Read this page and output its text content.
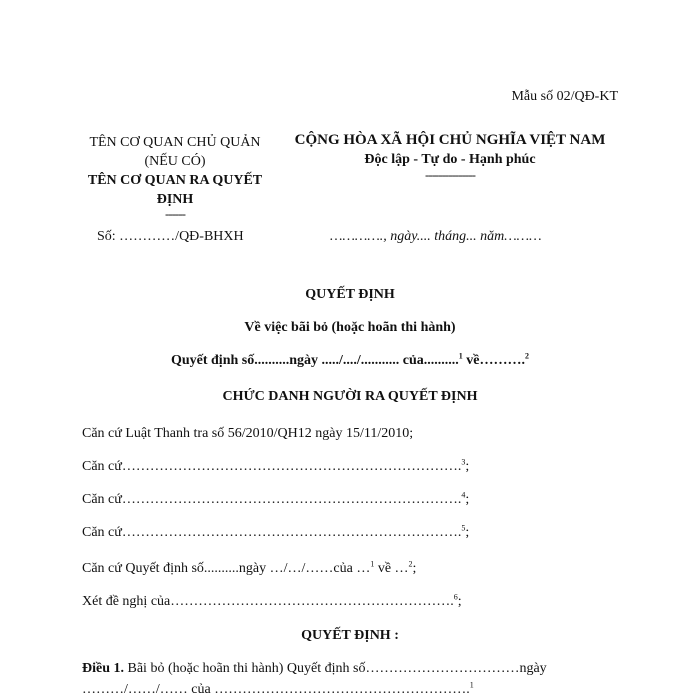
Mẫu số 02/QĐ-KT
TÊN CƠ QUAN CHỦ QUẢN
(NẾU CÓ)
TÊN CƠ QUAN RA QUYẾT
ĐỊNH
------
Số: …………/QĐ-BHXH
CỘNG HÒA XÃ HỘI CHỦ NGHĨA VIỆT NAM
Độc lập - Tự do - Hạnh phúc
---------------
…………., ngày.... tháng... năm………
QUYẾT ĐỊNH
Về việc bãi bỏ (hoặc hoãn thi hành)
Quyết định số..........ngày ...../..../........... của..........$^1$ về……….$^2$
CHỨC DANH NGƯỜI RA QUYẾT ĐỊNH
Căn cứ Luật Thanh tra số 56/2010/QH12 ngày 15/11/2010;
Căn cứ……………………………………………………………….$^3$;
Căn cứ……………………………………………………………….$^4$;
Căn cứ……………………………………………………………….$^5$;
Căn cứ Quyết định số..........ngày …/…/……của …$^1$ về …$^2$;
Xét đề nghị của…………………………………………………….$^6$;
QUYẾT ĐỊNH :
Điều 1. Bãi bỏ (hoặc hoãn thi hành) Quyết định số……………………………ngày
………/……/…… của ……………………………………………….$^1$
